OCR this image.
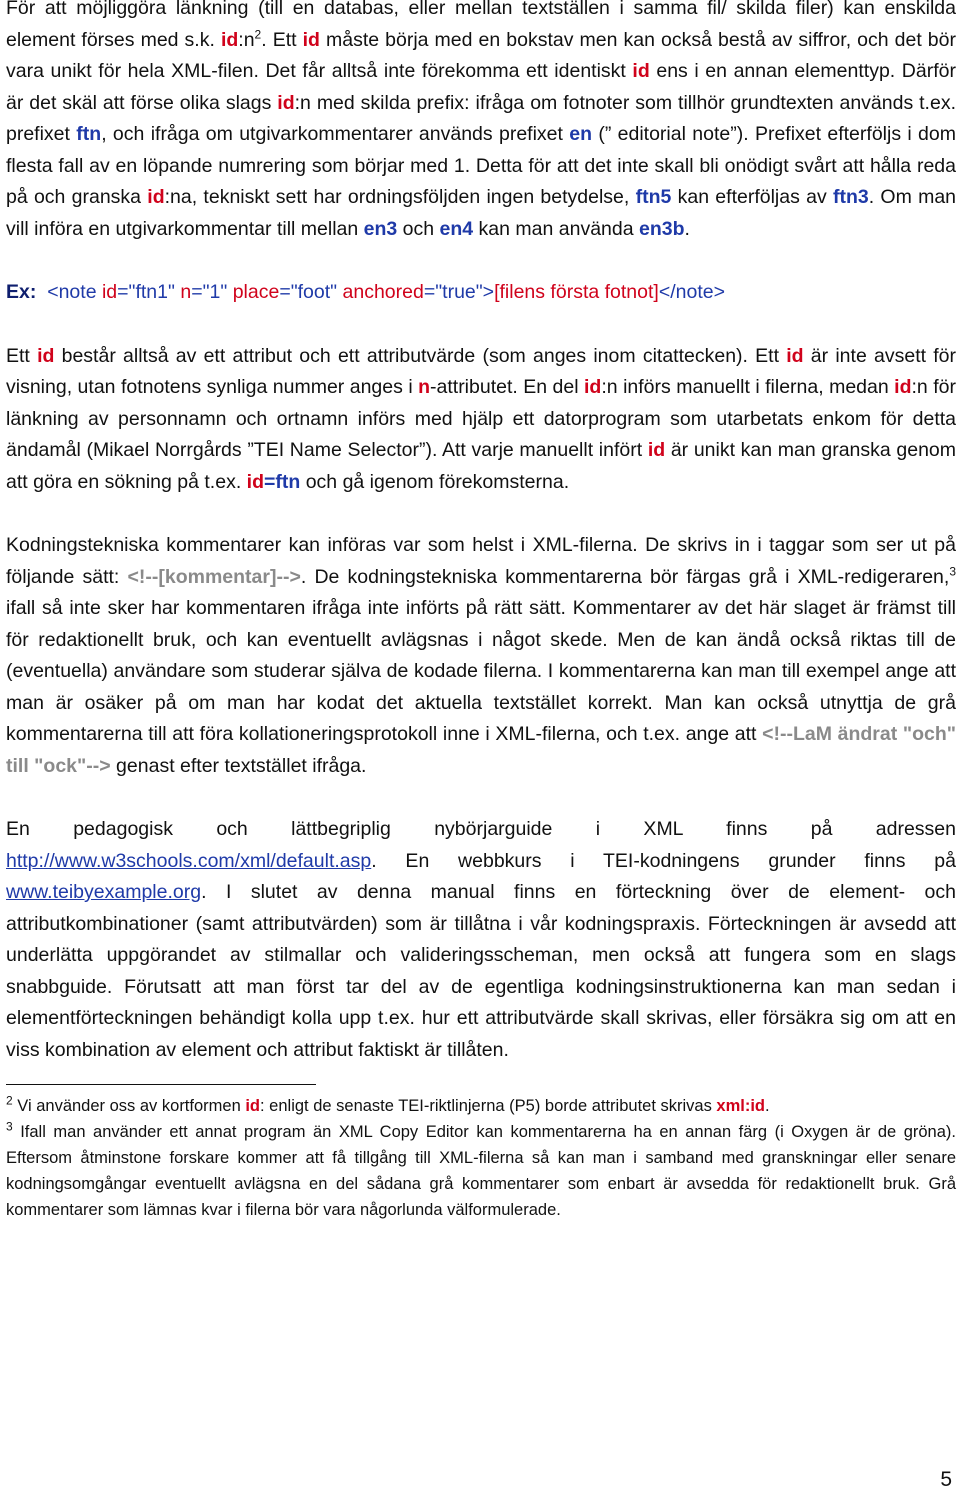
För att möjliggöra länkning (till en databas, eller mellan textställen i samma fil/ skilda filer) kan enskilda element förses med s.k. $id:n^2$. Ett id måste börja med en bokstav men kan också bestå av siffror, och det bör vara unikt för hela XML-filen. Det får alltså inte förekomma ett identiskt id ens i en annan elementtyp. Därför är det skäl att förse olika slags id:n med skilda prefix: ifråga om fotnoter som tillhör grundtexten används t.ex. prefixet ftn, och ifråga om utgivarkommentarer används prefixet en (” editorial note”). Prefixet efterföljs i dom flesta fall av en löpande numrering som börjar med 1. Detta för att det inte skall bli onödigt svårt att hålla reda på och granska id:na, tekniskt sett har ordningsföljden ingen betydelse, ftn5 kan efterföljas av ftn3. Om man vill införa en utgivarkommentar till mellan en3 och en4 kan man använda en3b.

Ex: <note id="ftn1" n="1" place="foot" anchored="true">[filens första fotnot]</note>

Ett id består alltså av ett attribut och ett attributvärde (som anges inom citattecken). Ett id är inte avsett för visning, utan fotnotens synliga nummer anges i n-attributet. En del id:n införs manuellt i filerna, medan id:n för länkning av personnamn och ortnamn införs med hjälp ett datorprogram som utarbetats enkom för detta ändamål (Mikael Norrgårds ”TEI Name Selector”). Att varje manuellt infört id är unikt kan man granska genom att göra en sökning på t.ex. id=ftn och gå igenom förekomsterna.

Kodningstekniska kommentarer kan införas var som helst i XML-filerna. De skrivs in i taggar som ser ut på följande sätt: <!--[kommentar]-->. De kodningstekniska kommentarerna bör färgas grå i XML-redigeraren,$^3$ ifall så inte sker har kommentaren ifråga inte införts på rätt sätt. Kommentarer av det här slaget är främst till för redaktionellt bruk, och kan eventuellt avlägsnas i något skede. Men de kan ändå också riktas till de (eventuella) användare som studerar själva de kodade filerna. I kommentarerna kan man till exempel ange att man är osäker på om man har kodat det aktuella textstället korrekt. Man kan också utnyttja de grå kommentarerna till att föra kollationeringsprotokoll inne i XML-filerna, och t.ex. ange att <!--LaM ändrat "och" till "ock"--> genast efter textstället ifråga.

En pedagogisk och lättbegriplig nybörjarguide i XML finns på adressen http://www.w3schools.com/xml/default.asp. En webbkurs i TEI-kodningens grunder finns på www.teibyexample.org. I slutet av denna manual finns en förteckning över de element- och attributkombinationer (samt attributvärden) som är tillåtna i vår kodningspraxis. Förteckningen är avsedd att underlätta uppgörandet av stilmallar och valideringsscheman, men också att fungera som en slags snabbguide. Förutsatt att man först tar del av de egentliga kodningsinstruktionerna kan man sedan i elementförteckningen behändigt kolla upp t.ex. hur ett attributvärde skall skrivas, eller försäkra sig om att en viss kombination av element och attribut faktiskt är tillåten.

$^2$ Vi använder oss av kortformen id: enligt de senaste TEI-riktlinjerna (P5) borde attributet skrivas xml:id.

$^3$ Ifall man använder ett annat program än XML Copy Editor kan kommentarerna ha en annan färg (i Oxygen är de gröna). Eftersom åtminstone forskare kommer att få tillgång till XML-filerna så kan man i samband med granskningar eller senare kodningsomgångar eventuellt avlägsna en del sådana grå kommentarer som enbart är avsedda för redaktionellt bruk. Grå kommentarer som lämnas kvar i filerna bör vara någorlunda välformulerade.

5
